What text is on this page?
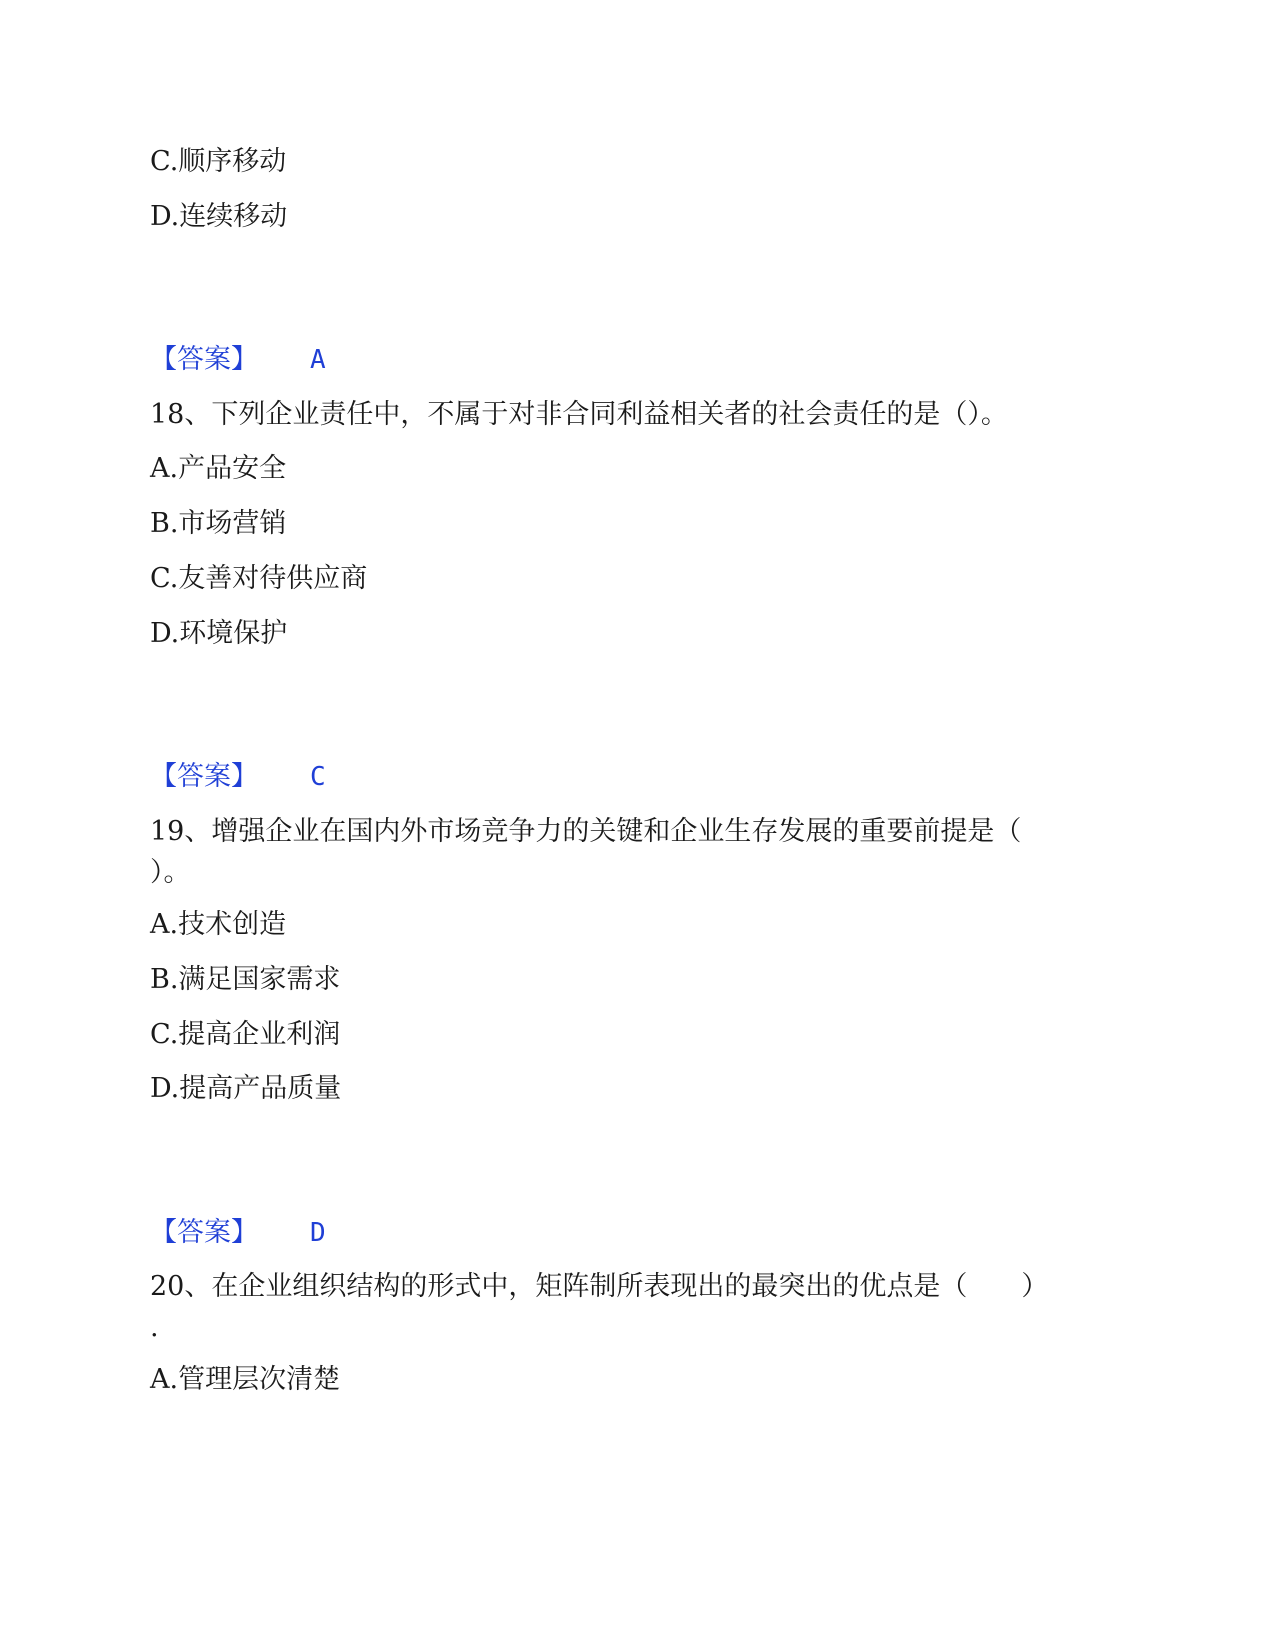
C.顺序移动
D.连续移动
【答案】 A
18、下列企业责任中，不属于对非合同利益相关者的社会责任的是（）。
A.产品安全
B.市场营销
C.友善对待供应商
D.环境保护
【答案】 C
19、增强企业在国内外市场竞争力的关键和企业生存发展的重要前提是（
）。
A.技术创造
B.满足国家需求
C.提高企业利润
D.提高产品质量
【答案】 D
20、在企业组织结构的形式中，矩阵制所表现出的最突出的优点是（　　）
.
A.管理层次清楚
